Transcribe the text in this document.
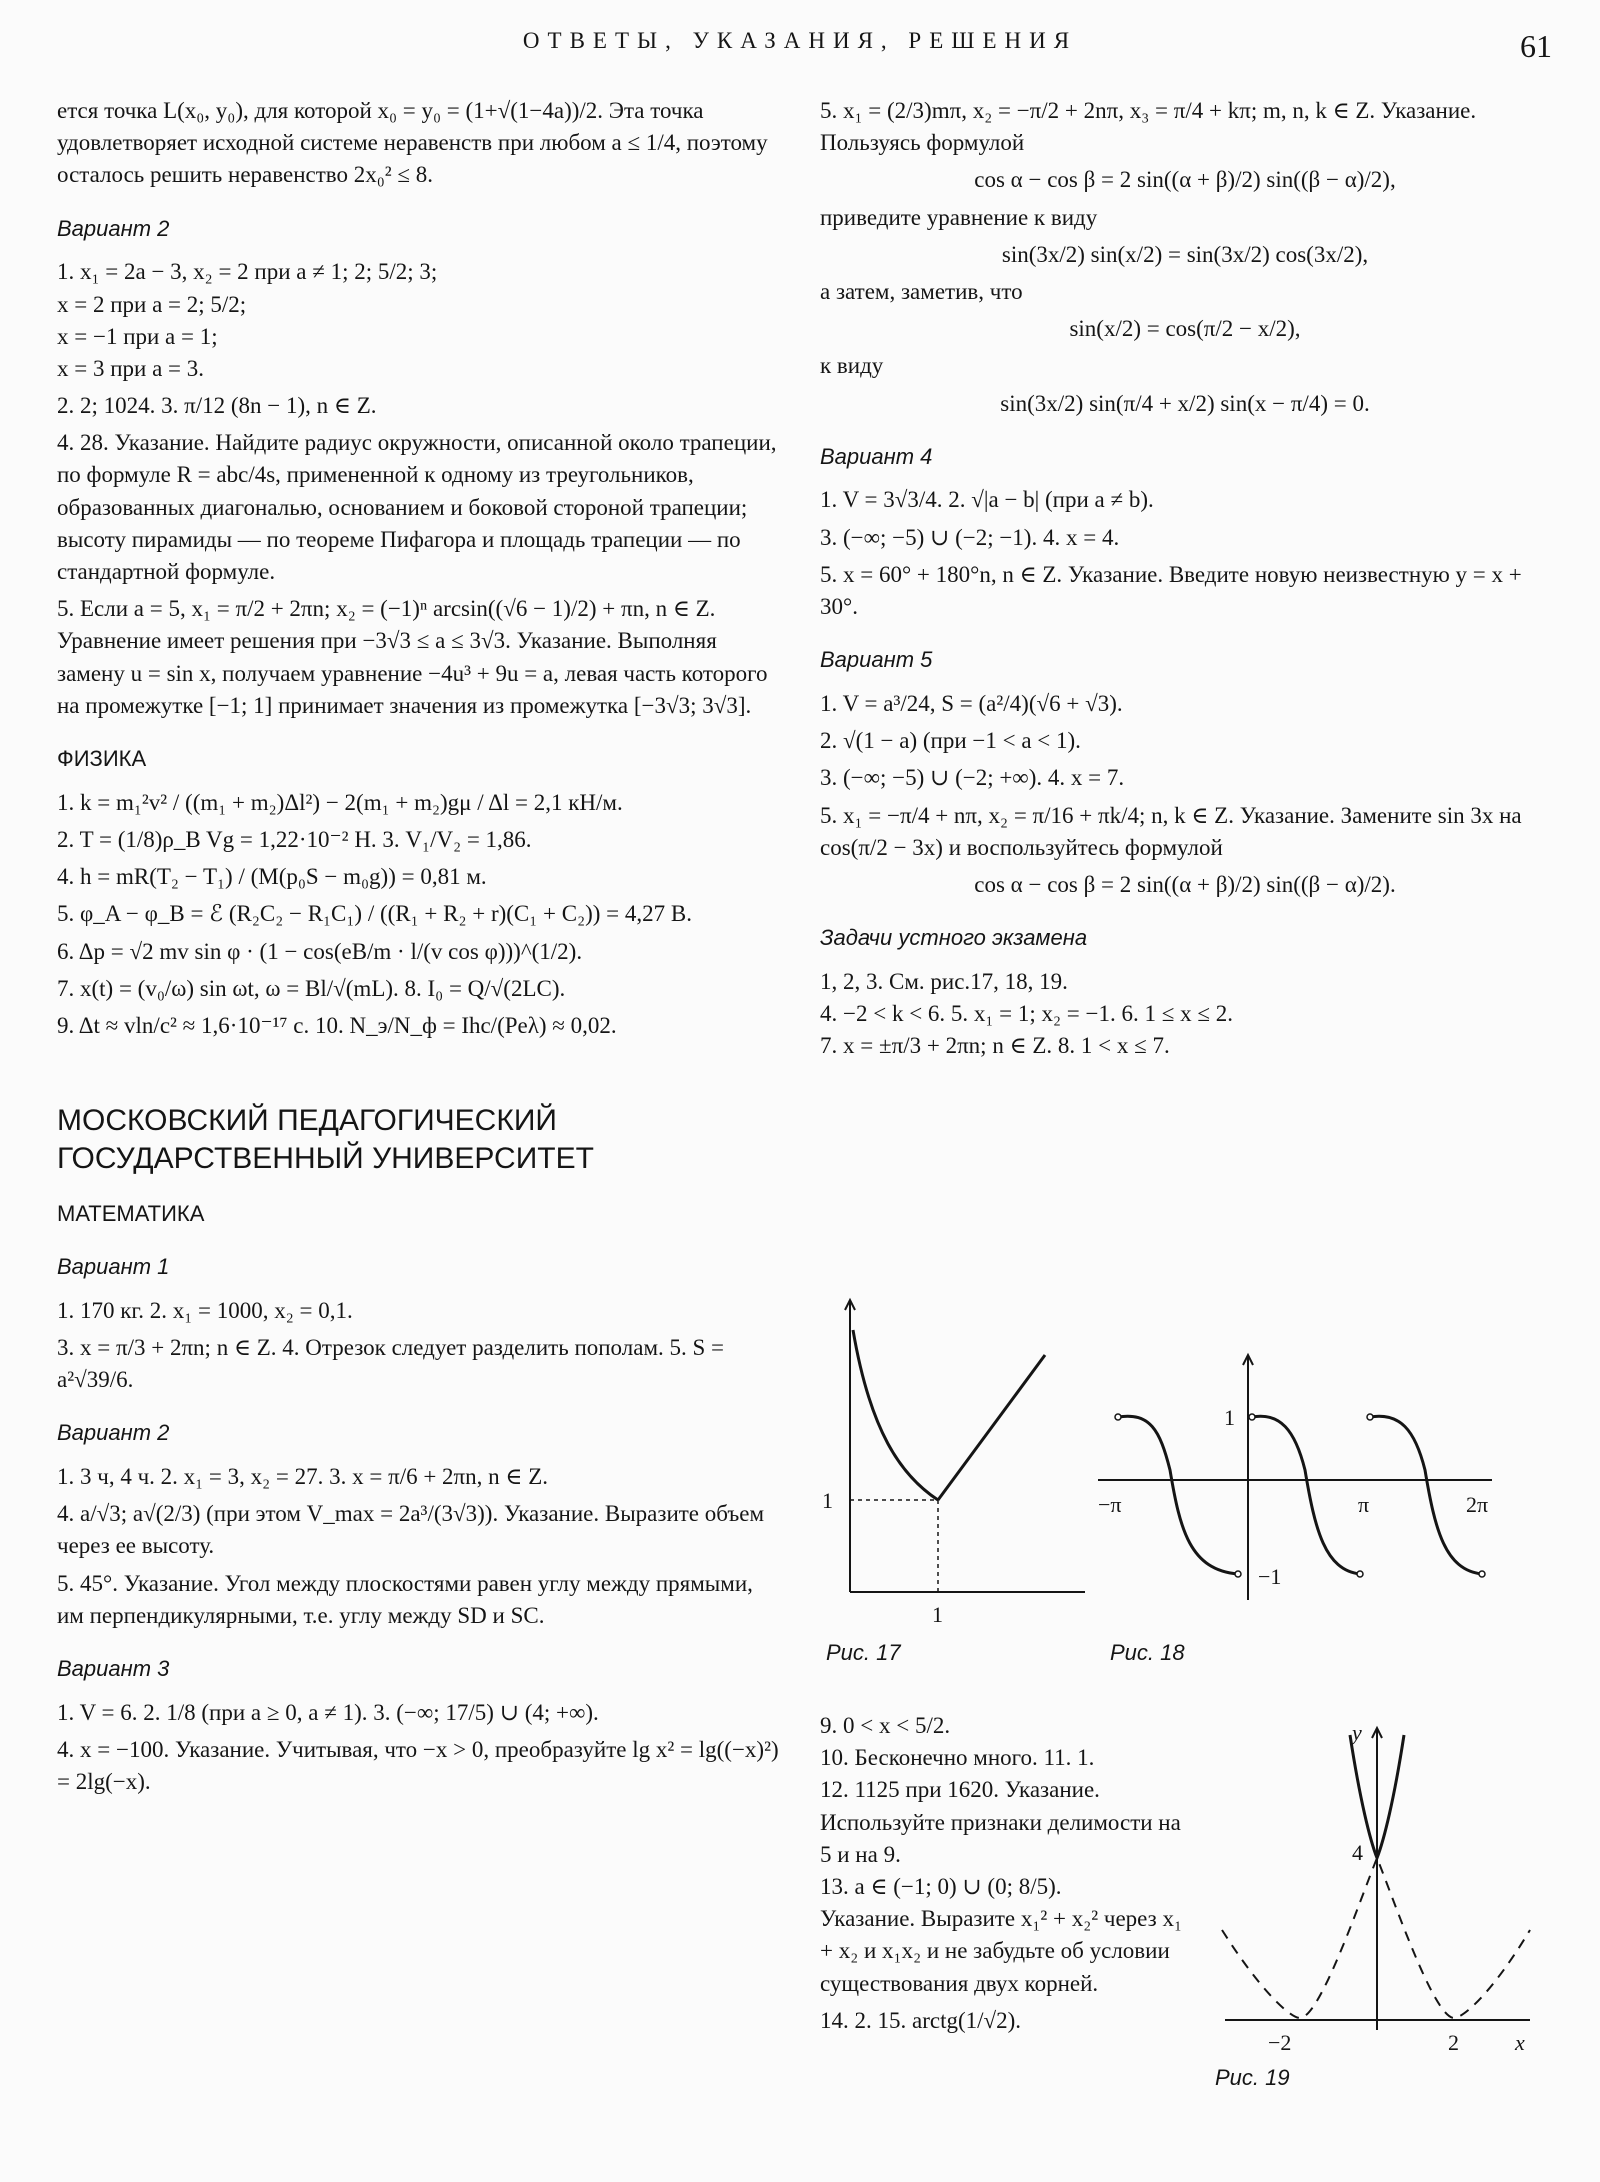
ОТВЕТЫ, УКАЗАНИЯ, РЕШЕНИЯ	61

ется точка L(x₀, y₀), для которой x₀ = y₀ = (1+√(1−4a))/2. Эта точка удовлетворяет исходной системе неравенств при любом a ≤ 1/4, поэтому осталось решить неравенство 2x₀² ≤ 8.

Вариант 2

1. x₁ = 2a − 3, x₂ = 2 при a ≠ 1; 2; 5/2; 3;

x = 2 при a = 2; 5/2;

x = −1 при a = 1;

x = 3 при a = 3.

2. 2; 1024. 3. π/12 (8n − 1), n ∈ Z.

4. 28. Указание. Найдите радиус окружности, описанной около трапеции, по формуле R = abc/4s, примененной к одному из треугольников, образованных диагональю, основанием и боковой стороной трапеции; высоту пирамиды — по теореме Пифагора и площадь трапеции — по стандартной формуле.

5. Если a = 5, x₁ = π/2 + 2πn; x₂ = (−1)ⁿ arcsin((√6 − 1)/2) + πn, n ∈ Z. Уравнение имеет решения при −3√3 ≤ a ≤ 3√3. Указание. Выполняя замену u = sin x, получаем уравнение −4u³ + 9u = a, левая часть которого на промежутке [−1; 1] принимает значения из промежутка [−3√3; 3√3].

ФИЗИКА

1. k = m₁²v² / ((m₁ + m₂)Δl²) − 2(m₁ + m₂)gμ / Δl = 2,1 кН/м.

2. T = (1/8)ρ_B Vg = 1,22·10⁻² Н. 3. V₁/V₂ = 1,86.

4. h = mR(T₂ − T₁) / (M(p₀S − m₀g)) = 0,81 м.

5. φ_A − φ_B = ℰ (R₂C₂ − R₁C₁) / ((R₁ + R₂ + r)(C₁ + C₂)) = 4,27 В.

6. Δp = √2 mv sin φ · (1 − cos(eB/m · l/(v cos φ)))^(1/2).

7. x(t) = (v₀/ω) sin ωt, ω = Bl/√(mL). 8. I₀ = Q/√(2LC).

9. Δt ≈ vln/c² ≈ 1,6·10⁻¹⁷ с. 10. N_э/N_ф = Ihc/(Peλ) ≈ 0,02.

МОСКОВСКИЙ ПЕДАГОГИЧЕСКИЙ
ГОСУДАРСТВЕННЫЙ УНИВЕРСИТЕТ

МАТЕМАТИКА

Вариант 1

1. 170 кг. 2. x₁ = 1000, x₂ = 0,1.

3. x = π/3 + 2πn; n ∈ Z. 4. Отрезок следует разделить пополам. 5. S = a²√39/6.

Вариант 2

1. 3 ч, 4 ч. 2. x₁ = 3, x₂ = 27. 3. x = π/6 + 2πn, n ∈ Z.

4. a/√3; a√(2/3) (при этом V_max = 2a³/(3√3)). Указание. Выразите объем через ее высоту.

5. 45°. Указание. Угол между плоскостями равен углу между прямыми, им перпендикулярными, т.е. углу между SD и SC.

Вариант 3

1. V = 6. 2. 1/8 (при a ≥ 0, a ≠ 1). 3. (−∞; 17/5) ∪ (4; +∞).

4. x = −100. Указание. Учитывая, что −x > 0, преобразуйте lg x² = lg((−x)²) = 2lg(−x).

5. x₁ = (2/3)mπ, x₂ = −π/2 + 2nπ, x₃ = π/4 + kπ; m, n, k ∈ Z. Указание. Пользуясь формулой

cos α − cos β = 2 sin((α + β)/2) sin((β − α)/2),

приведите уравнение к виду

sin(3x/2) sin(x/2) = sin(3x/2) cos(3x/2),

а затем, заметив, что

sin(x/2) = cos(π/2 − x/2),

к виду

sin(3x/2) sin(π/4 + x/2) sin(x − π/4) = 0.

Вариант 4

1. V = 3√3/4. 2. √|a − b| (при a ≠ b).

3. (−∞; −5) ∪ (−2; −1). 4. x = 4.

5. x = 60° + 180°n, n ∈ Z. Указание. Введите новую неизвестную y = x + 30°.

Вариант 5

1. V = a³/24, S = (a²/4)(√6 + √3).

2. √(1 − a) (при −1 < a < 1).

3. (−∞; −5) ∪ (−2; +∞). 4. x = 7.

5. x₁ = −π/4 + nπ, x₂ = π/16 + πk/4; n, k ∈ Z. Указание. Замените sin 3x на cos(π/2 − 3x) и воспользуйтесь формулой

cos α − cos β = 2 sin((α + β)/2) sin((β − α)/2).

Задачи устного экзамена

1, 2, 3. См. рис.17, 18, 19.

4. −2 < k < 6. 5. x₁ = 1; x₂ = −1. 6. 1 ≤ x ≤ 2.

7. x = ±π/3 + 2πn; n ∈ Z. 8. 1 < x ≤ 7.

9. 0 < x < 5/2.

10. Бесконечно много. 11. 1.

12. 1125 при 1620. Указание. Используйте признаки делимости на 5 и на 9.

13. a ∈ (−1; 0) ∪ (0; 8/5).

Указание. Выразите x₁² + x₂² через x₁ + x₂ и x₁x₂ и не забудьте об условии существования двух корней.

14. 2. 15. arctg(1/√2).

1
1
Рис. 17
1
−1
−π	π	2π
Рис. 18
4
y
−2	2	x
Рис. 19
